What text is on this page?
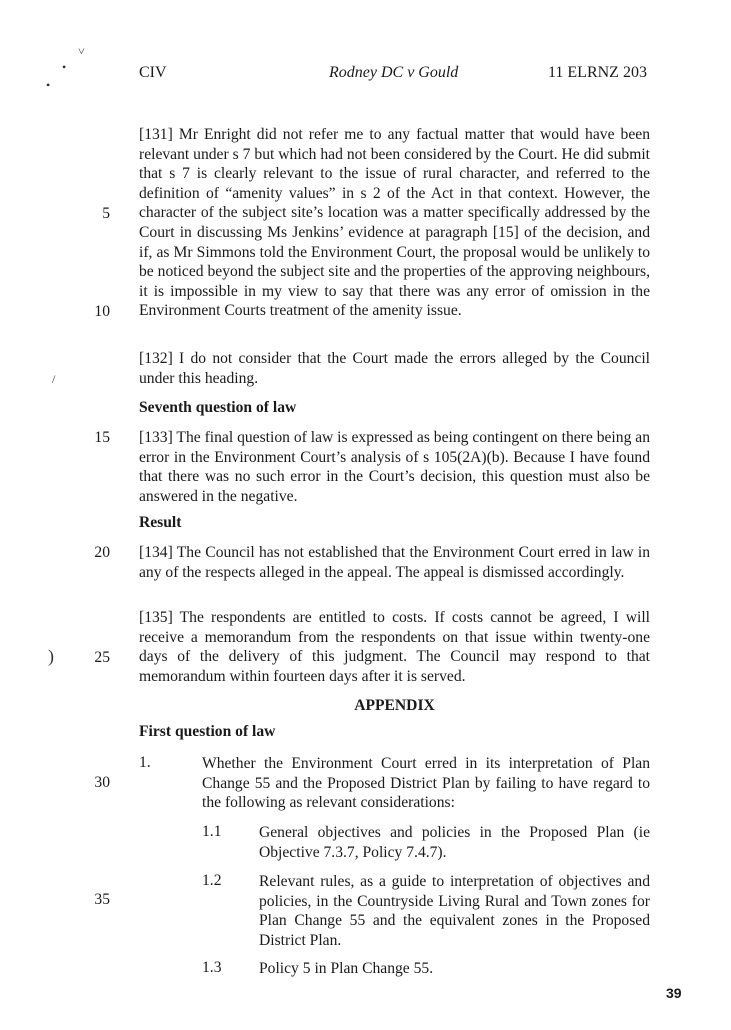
˅
•
•
/
)
CIV	Rodney DC v Gould	11 ELRNZ 203

[131] Mr Enright did not refer me to any factual matter that would have been relevant under s 7 but which had not been considered by the Court. He did submit that s 7 is clearly relevant to the issue of rural character, and referred to the definition of “amenity values” in s 2 of the Act in that context. However, the character of the subject site’s location was a matter specifically addressed by the Court in discussing Ms Jenkins’ evidence at paragraph [15] of the decision, and if, as Mr Simmons told the Environment Court, the proposal would be unlikely to be noticed beyond the subject site and the properties of the approving neighbours, it is impossible in my view to say that there was any error of omission in the Environment Courts treatment of the amenity issue.

[132] I do not consider that the Court made the errors alleged by the Council under this heading.

Seventh question of law

[133] The final question of law is expressed as being contingent on there being an error in the Environment Court’s analysis of s 105(2A)(b). Because I have found that there was no such error in the Court’s decision, this question must also be answered in the negative.

Result

[134] The Council has not established that the Environment Court erred in law in any of the respects alleged in the appeal. The appeal is dismissed accordingly.

[135] The respondents are entitled to costs. If costs cannot be agreed, I will receive a memorandum from the respondents on that issue within twenty-one days of the delivery of this judgment. The Council may respond to that memorandum within fourteen days after it is served.

APPENDIX
First question of law
1.	Whether the Environment Court erred in its interpretation of Plan Change 55 and the Proposed District Plan by failing to have regard to the following as relevant considerations:
1.1 General objectives and policies in the Proposed Plan (ie Objective 7.3.7, Policy 7.4.7).
1.2 Relevant rules, as a guide to interpretation of objectives and policies, in the Countryside Living Rural and Town zones for Plan Change 55 and the equivalent zones in the Proposed District Plan.
1.3 Policy 5 in Plan Change 55.
5
10
15
20
25
30
35
39
